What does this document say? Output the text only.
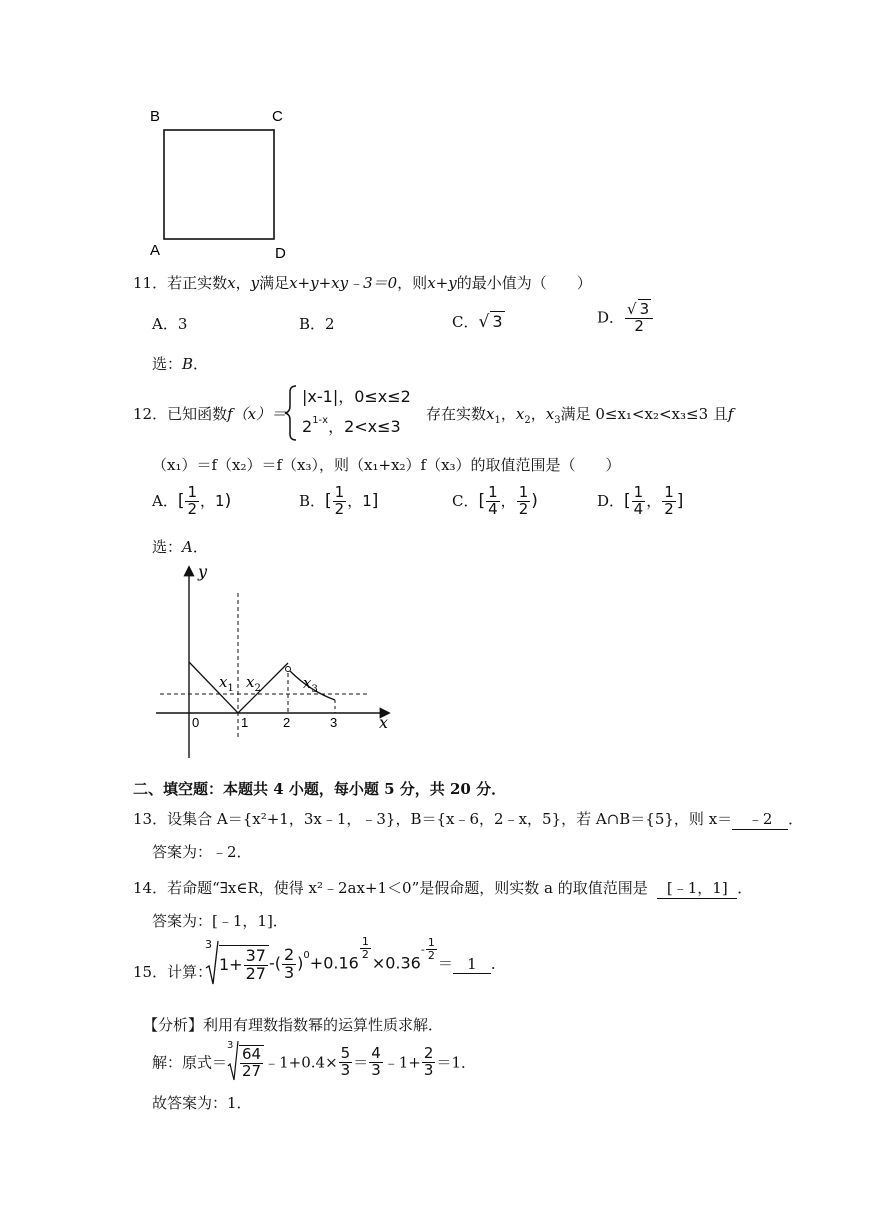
B	C
A	D
11．若正实数x，y满足x+y+xy﹣3＝0，则x+y的最小值为（　　）
A．3	B．2	C．√ 3	D． $\frac{√ 3}{2}$
选：B．
12．已知函数f（x）＝
|x-1|，0≤x≤2
2$^{1-x}$，2<x≤3
存在实数$x_1$，$x_2$，$x_3$满足 0≤x₁<x₂<x₃≤3 且f
（x₁）＝f（x₂）＝f（x₃），则（x₁+x₂）f（x₃）的取值范围是（　　）
A．[ $\frac{1}{2}$ ，1)	B．[ $\frac{1}{2}$ ，1]	C．[ $\frac{1}{4}$ ， $\frac{1}{2}$ )	D．[ $\frac{1}{4}$ ， $\frac{1}{2}$ ]
选：A．
y
x
0	1	2	3
$x_1$ $x_2$	$x_3$
二、填空题：本题共 4 小题，每小题 5 分，共 20 分．
13．设集合 A＝{x²+1，3x﹣1，﹣3}，B＝{x﹣6，2﹣x，5}，若 A∩B＝{5}，则 x＝ ﹣2 ．
答案为：﹣2．
14．若命题“∃x∈R，使得 x²﹣2ax+1＜0”是假命题，则实数 a 的取值范围是 [﹣1，1] ．
答案为：[﹣1，1]．
15．计算：
3
$1+ \frac{37}{27}$ -( $\frac{2}{3} )^0+0.16$
$\frac{1}{2}$
$\times 0.36^{- \frac{1}{2}}$
＝ 1 ．
【分析】利用有理数指数幂的运算性质求解．
解：原式＝
3
$\frac{64}{27}$ ﹣1+0.4× $\frac{5}{3} = \frac{4}{3}$ ﹣1+ $\frac{2}{3} =1$．
故答案为：1．
